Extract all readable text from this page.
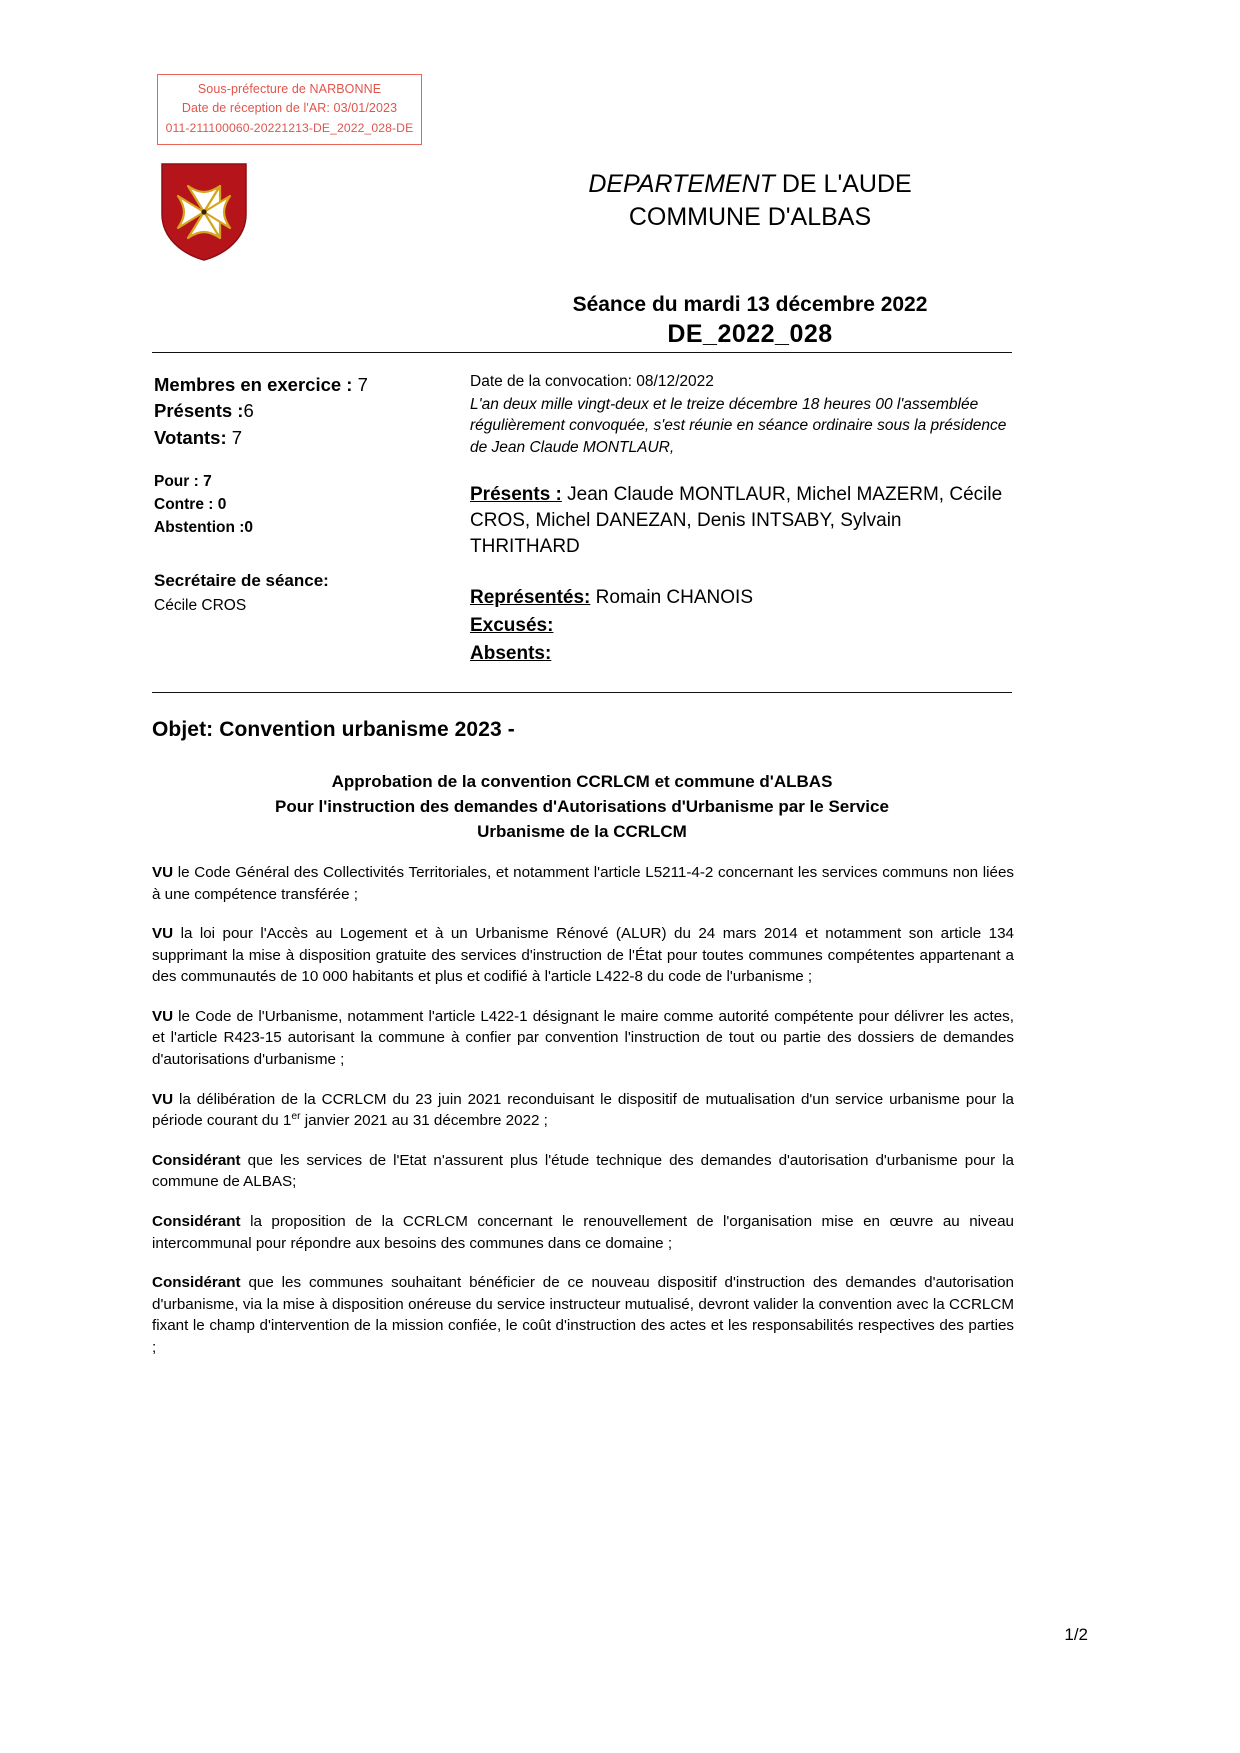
Sous-préfecture de NARBONNE
Date de réception de l'AR: 03/01/2023
011-211100060-20221213-DE_2022_028-DE
DEPARTEMENT DE L'AUDE
COMMUNE D'ALBAS
Séance du mardi 13 décembre 2022
DE_2022_028
Membres en exercice : 7
Présents :6
Votants: 7
Pour : 7
Contre : 0
Abstention :0
Secrétaire de séance:
Cécile CROS
Date de la convocation: 08/12/2022
L'an deux mille vingt-deux et le treize décembre 18 heures 00 l'assemblée régulièrement convoquée, s'est réunie en séance ordinaire sous la présidence de Jean Claude MONTLAUR,
Présents : Jean Claude MONTLAUR, Michel MAZERM, Cécile CROS, Michel DANEZAN, Denis INTSABY, Sylvain THRITHARD
Représentés: Romain CHANOIS
Excusés:
Absents:
Objet: Convention urbanisme 2023 -
Approbation de la convention CCRLCM et commune d'ALBAS
Pour l'instruction des demandes d'Autorisations d'Urbanisme par le Service
Urbanisme de la CCRLCM

VU le Code Général des Collectivités Territoriales, et notamment l'article L5211-4-2 concernant les services communs non liées à une compétence transférée ;

VU la loi pour l'Accès au Logement et à un Urbanisme Rénové (ALUR) du 24 mars 2014 et notamment son article 134 supprimant la mise à disposition gratuite des services d'instruction de l'État pour toutes communes compétentes appartenant a des communautés de 10 000 habitants et plus et codifié à l'article L422-8 du code de l'urbanisme ;

VU le Code de l'Urbanisme, notamment l'article L422-1 désignant le maire comme autorité compétente pour délivrer les actes, et l'article R423-15 autorisant la commune à confier par convention l'instruction de tout ou partie des dossiers de demandes d'autorisations d'urbanisme ;

VU la délibération de la CCRLCM du 23 juin 2021 reconduisant le dispositif de mutualisation d'un service urbanisme pour la période courant du 1er janvier 2021 au 31 décembre 2022 ;

Considérant que les services de l'Etat n'assurent plus l'étude technique des demandes d'autorisation d'urbanisme pour la commune de ALBAS;

Considérant la proposition de la CCRLCM concernant le renouvellement de l'organisation mise en œuvre au niveau intercommunal pour répondre aux besoins des communes dans ce domaine ;

Considérant que les communes souhaitant bénéficier de ce nouveau dispositif d'instruction des demandes d'autorisation d'urbanisme, via la mise à disposition onéreuse du service instructeur mutualisé, devront valider la convention avec la CCRLCM fixant le champ d'intervention de la mission confiée, le coût d'instruction des actes et les responsabilités respectives des parties ;

1/2
